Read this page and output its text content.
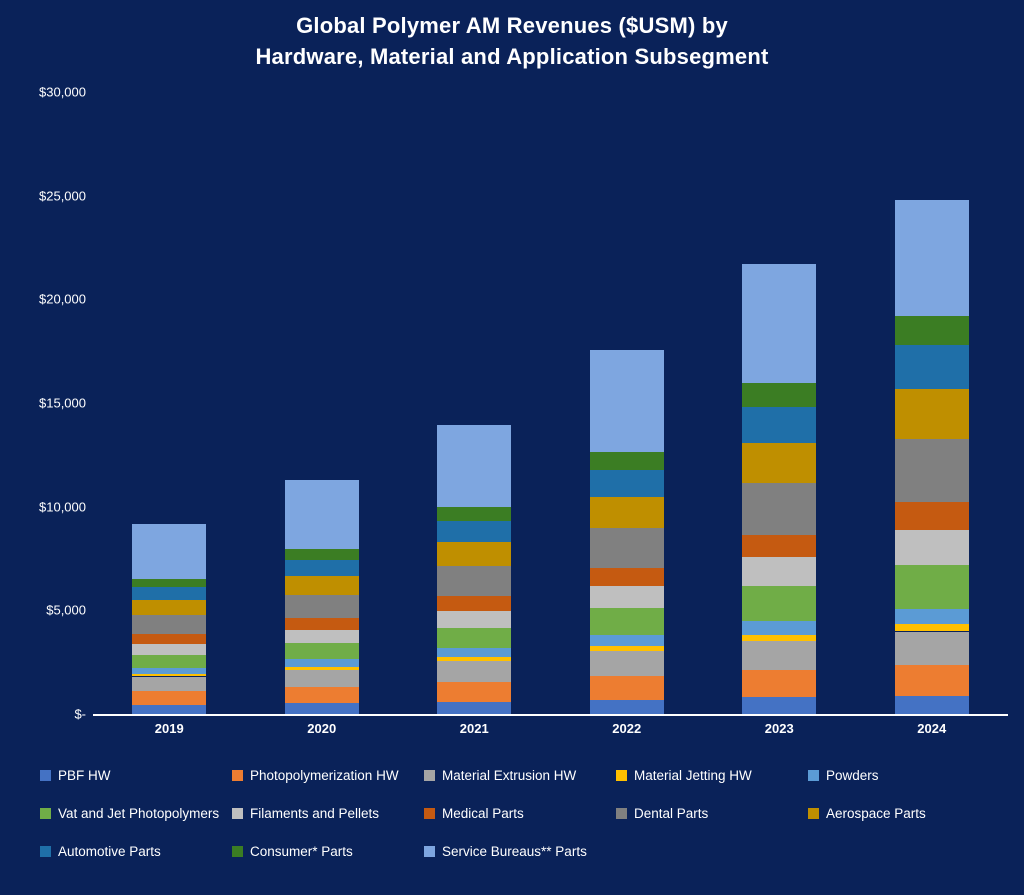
Global Polymer AM Revenues ($USM) by
Hardware, Material and Application Subsegment
$-
$5,000
$10,000
$15,000
$20,000
$25,000
$30,000
2019	2020	2021	2022	2023	2024
PBF HW	Photopolymerization HW	Material Extrusion HW	Material Jetting HW	Powders
Vat and Jet Photopolymers Filaments and Pellets	Medical Parts	Dental Parts	Aerospace Parts
Automotive Parts	Consumer* Parts	Service Bureaus** Parts
